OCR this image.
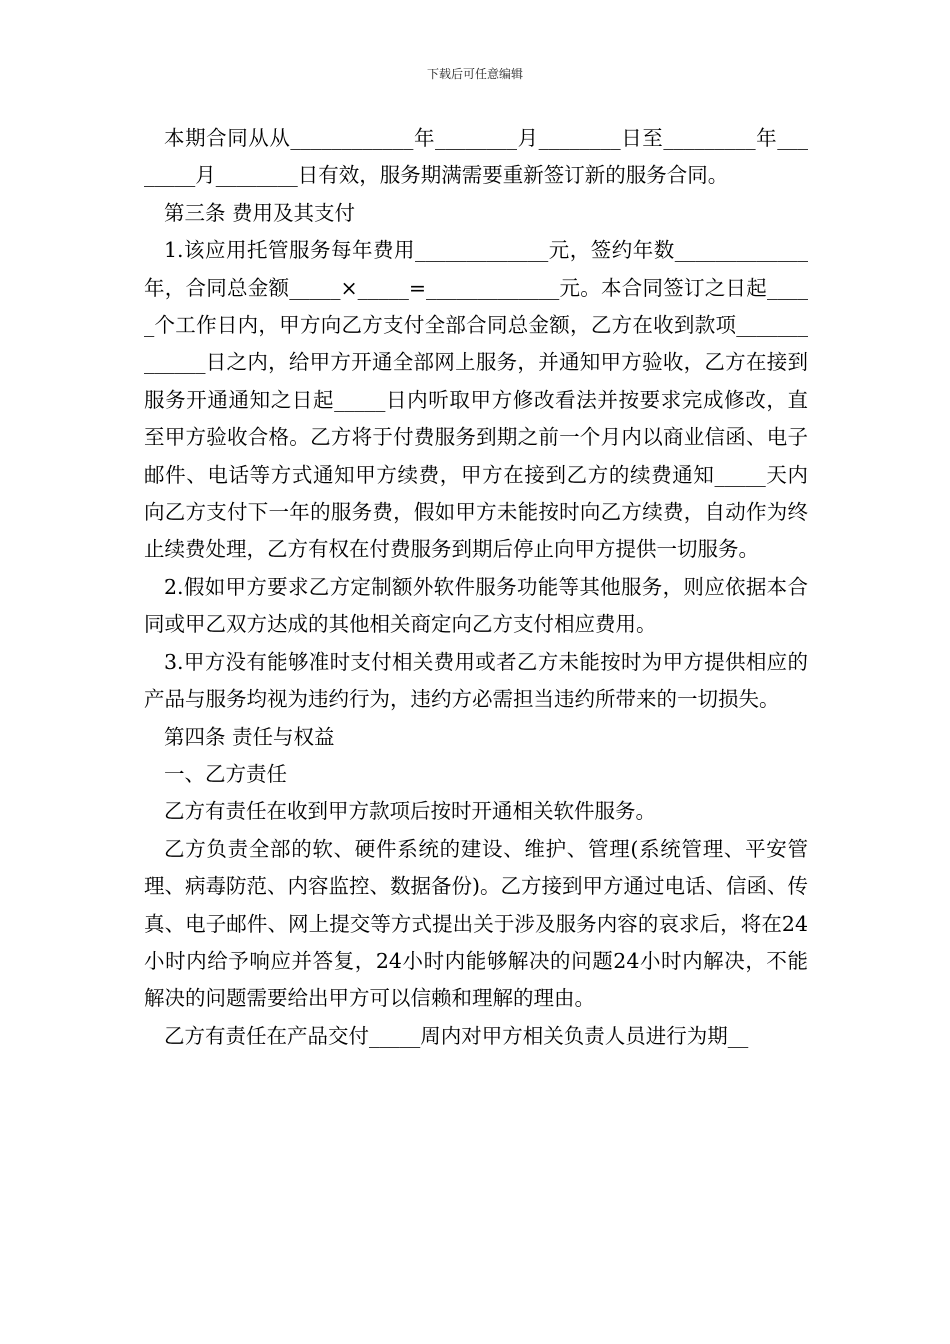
下载后可任意编辑

本期合同从从____________年________月________日至_________年________月________日有效，服务期满需要重新签订新的服务合同。

第三条 费用及其支付

1.该应用托管服务每年费用_____________元，签约年数_____________年，合同总金额_____×_____=_____________元。本合同签订之日起_____个工作日内，甲方向乙方支付全部合同总金额，乙方在收到款项_____________日之内，给甲方开通全部网上服务，并通知甲方验收，乙方在接到服务开通通知之日起_____日内听取甲方修改看法并按要求完成修改，直至甲方验收合格。乙方将于付费服务到期之前一个月内以商业信函、电子邮件、电话等方式通知甲方续费，甲方在接到乙方的续费通知_____天内向乙方支付下一年的服务费，假如甲方未能按时向乙方续费，自动作为终止续费处理，乙方有权在付费服务到期后停止向甲方提供一切服务。

2.假如甲方要求乙方定制额外软件服务功能等其他服务，则应依据本合同或甲乙双方达成的其他相关商定向乙方支付相应费用。

3.甲方没有能够准时支付相关费用或者乙方未能按时为甲方提供相应的产品与服务均视为违约行为，违约方必需担当违约所带来的一切损失。

第四条 责任与权益

一、乙方责任

乙方有责任在收到甲方款项后按时开通相关软件服务。

乙方负责全部的软、硬件系统的建设、维护、管理(系统管理、平安管理、病毒防范、内容监控、数据备份)。乙方接到甲方通过电话、信函、传真、电子邮件、网上提交等方式提出关于涉及服务内容的哀求后，将在24小时内给予响应并答复，24小时内能够解决的问题24小时内解决，不能解决的问题需要给出甲方可以信赖和理解的理由。

乙方有责任在产品交付_____周内对甲方相关负责人员进行为期__
